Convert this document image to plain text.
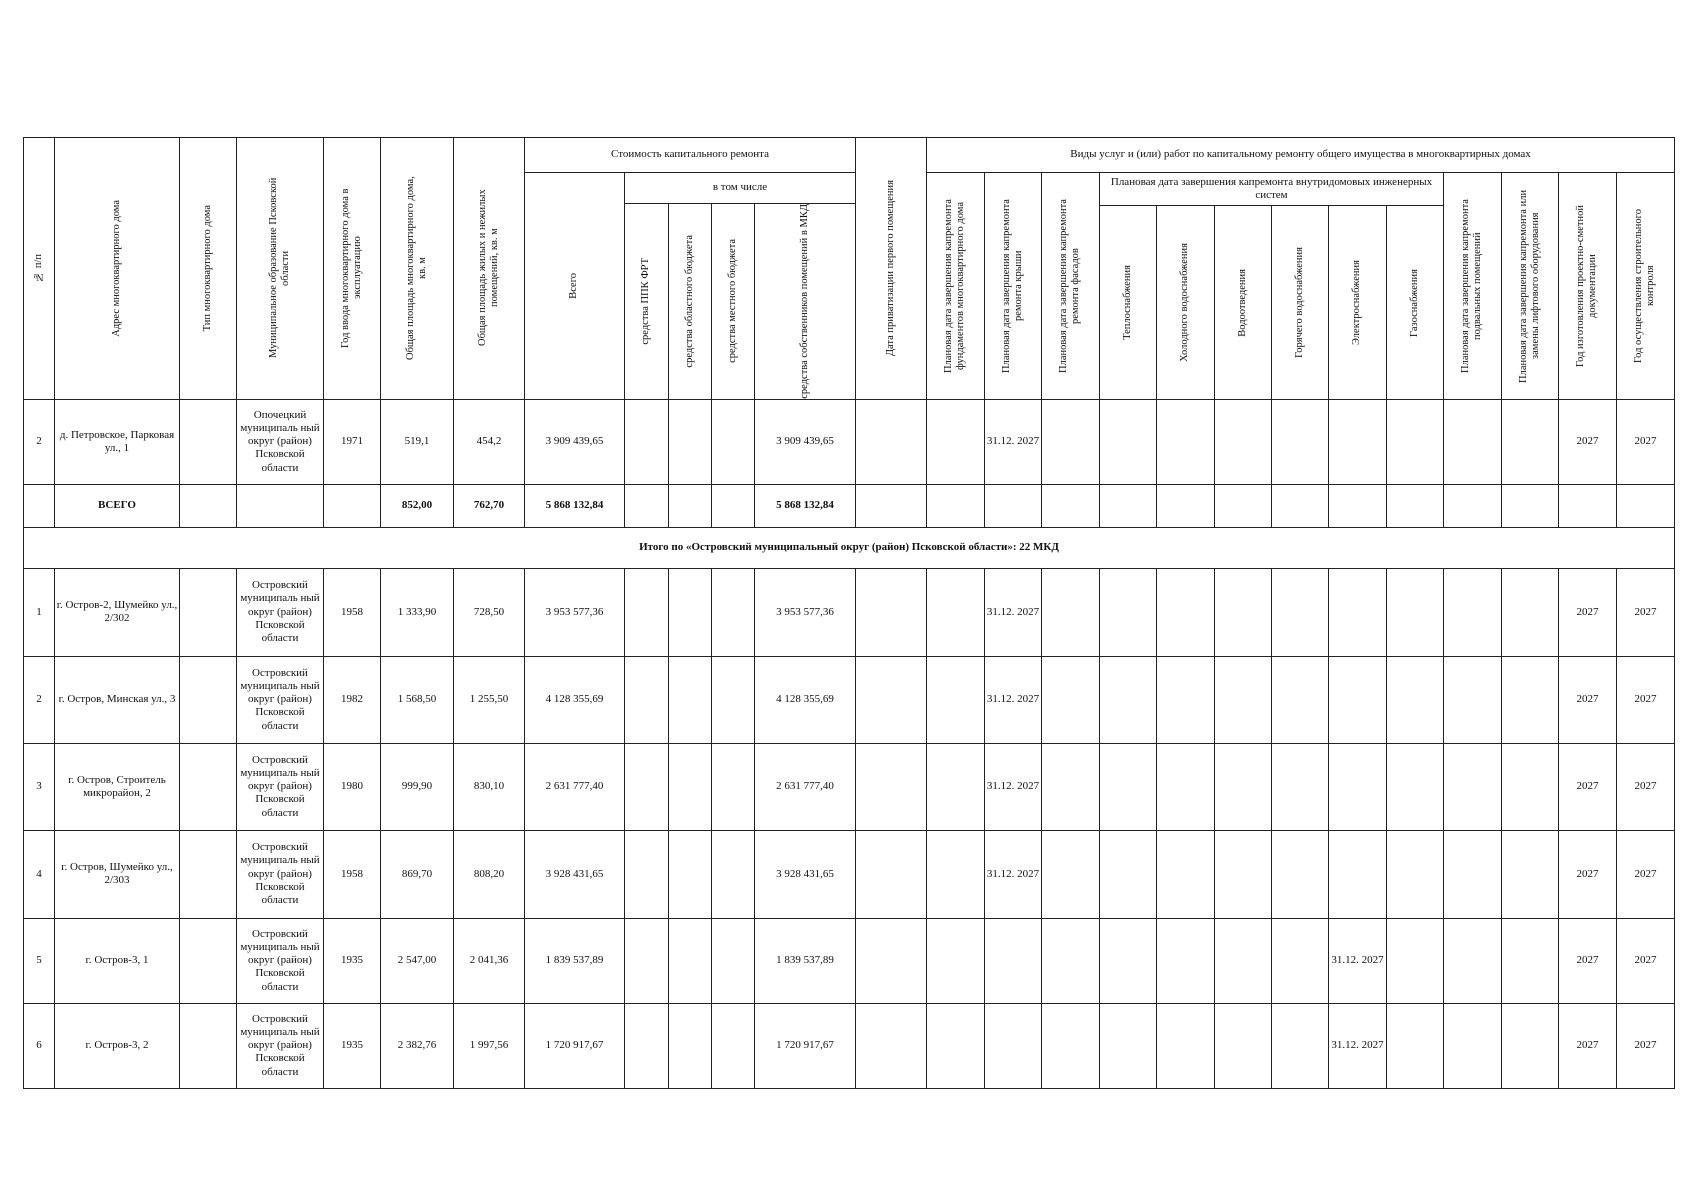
№ п/п	Адрес многоквартирного дома	Тип многоквартирного дома	Муниципальное образование Псковской области	Год ввода многоквартирного дома в эксплуатацию	Общая площадь многоквартирного дома, кв. м	Общая площадь жилых и нежилых помещений, кв. м	Стоимость капитального ремонта					Дата приватизации первого помещения	Виды услуг и (или) работ по капитальному ремонту общего имущества в многоквартирных домах												

							Всего	в том числе					Плановая дата завершения капремонта фундаментов многоквартирного дома	Плановая дата завершения капремонта ремонта крыши	Плановая дата завершения капремонта ремонта фасадов	Плановая дата завершения капремонта внутридомовых инженерных систем						Плановая дата завершения капремонта подвальных помещений	Плановая дата завершения капремонта или замены лифтового оборудования	Год изготовления проектно-сметной документации	Год осуществления строительного контроля

								средства ППК ФРТ	средства областного бюджета	средства местного бюджета	средства собственников помещений в МКД														

																Теплоснабжения	Холодного водоснабжения	Водоотведения	Горячего водоснабжения	Электроснабжения	Газоснабжения				

2	д. Петровское, Парковая ул., 1		Опочецкий муниципаль ный округ (район) Псковской области	1971	519,1	454,2	3 909 439,65				3 909 439,65			31.12. 2027										2027	2027
	ВСЕГО				852,00	762,70	5 868 132,84				5 868 132,84														
Итого по «Островский муниципальный округ (район) Псковской области»: 22 МКД																									
1	г. Остров-2, Шумейко ул., 2/302		Островский муниципаль ный округ (район) Псковской области	1958	1 333,90	728,50	3 953 577,36				3 953 577,36			31.12. 2027										2027	2027
2	г. Остров, Минская ул., 3		Островский муниципаль ный округ (район) Псковской области	1982	1 568,50	1 255,50	4 128 355,69				4 128 355,69			31.12. 2027										2027	2027
3	г. Остров, Строитель микрорайон, 2		Островский муниципаль ный округ (район) Псковской области	1980	999,90	830,10	2 631 777,40				2 631 777,40			31.12. 2027										2027	2027
4	г. Остров, Шумейко ул., 2/303		Островский муниципаль ный округ (район) Псковской области	1958	869,70	808,20	3 928 431,65				3 928 431,65			31.12. 2027										2027	2027
5	г. Остров-3, 1		Островский муниципаль ный округ (район) Псковской области	1935	2 547,00	2 041,36	1 839 537,89				1 839 537,89									31.12. 2027				2027	2027
6	г. Остров-3, 2		Островский муниципаль ный округ (район) Псковской области	1935	2 382,76	1 997,56	1 720 917,67				1 720 917,67									31.12. 2027				2027	2027
